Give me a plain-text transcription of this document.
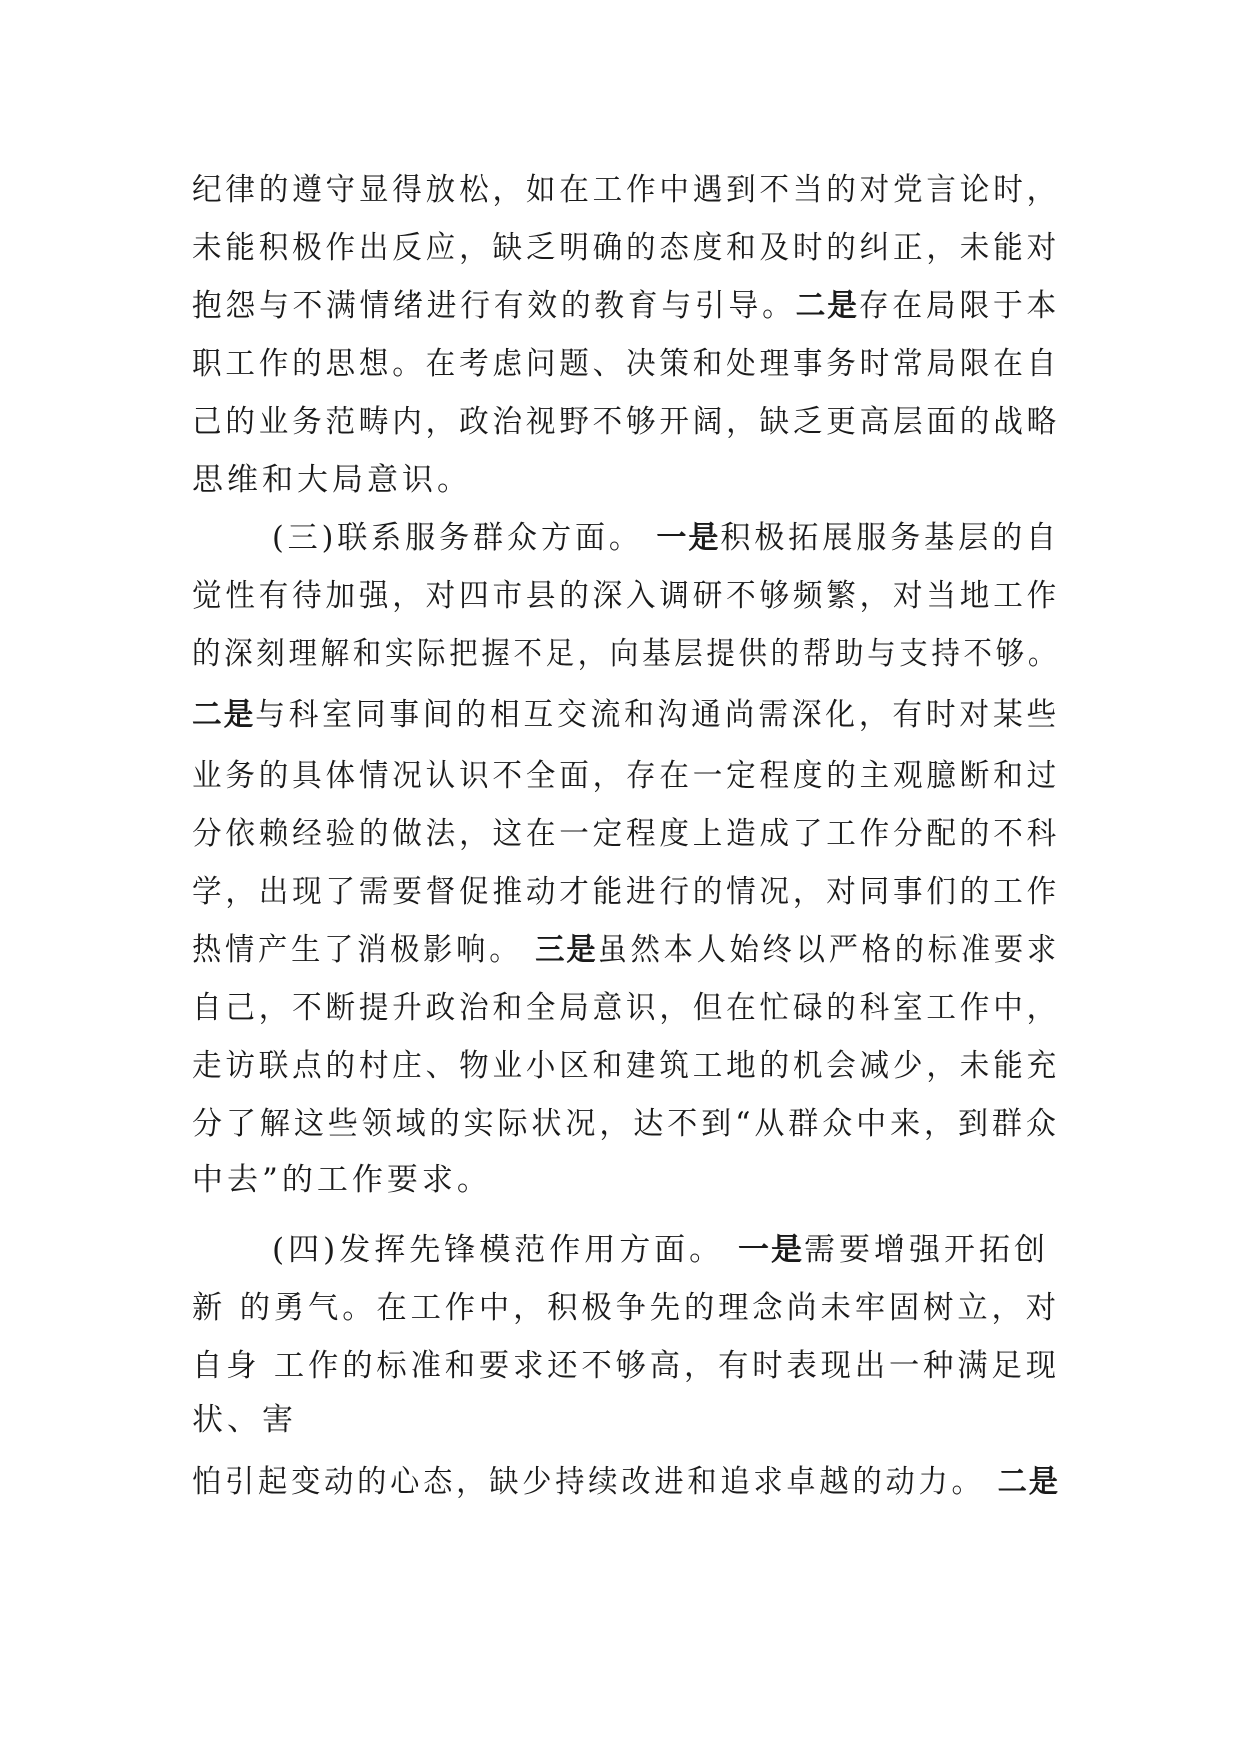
纪律的遵守显得放松，如在工作中遇到不当的对党言论时，
未能积极作出反应，缺乏明确的态度和及时的纠正，未能对
抱怨与不满情绪进行有效的教育与引导。二是存在局限于本
职工作的思想。在考虑问题、决策和处理事务时常局限在自
己的业务范畴内，政治视野不够开阔，缺乏更高层面的战略
思维和大局意识。
(三)联系服务群众方面。 一是积极拓展服务基层的自
觉性有待加强，对四市县的深入调研不够频繁，对当地工作
的深刻理解和实际把握不足，向基层提供的帮助与支持不够。
二是与科室同事间的相互交流和沟通尚需深化，有时对某些
业务的具体情况认识不全面，存在一定程度的主观臆断和过
分依赖经验的做法，这在一定程度上造成了工作分配的不科
学，出现了需要督促推动才能进行的情况，对同事们的工作
热情产生了消极影响。 三是虽然本人始终以严格的标准要求
自己，不断提升政治和全局意识，但在忙碌的科室工作中，
走访联点的村庄、物业小区和建筑工地的机会减少，未能充
分了解这些领域的实际状况，达不到“从群众中来，到群众
中去”的工作要求。
(四)发挥先锋模范作用方面。 一是需要增强开拓创
新 的勇气。在工作中，积极争先的理念尚未牢固树立，对
自身 工作的标准和要求还不够高，有时表现出一种满足现
状、害
怕引起变动的心态，缺少持续改进和追求卓越的动力。 二是
